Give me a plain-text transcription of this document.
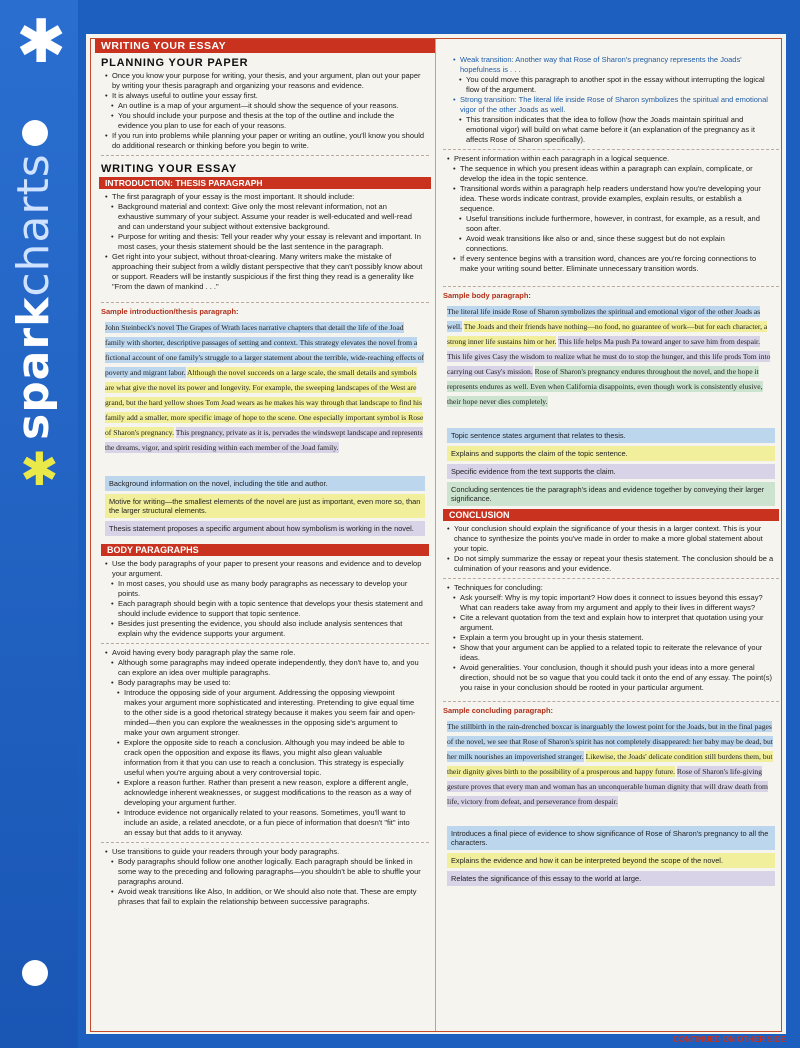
✱
sparkcharts
✱
WRITING YOUR ESSAY
PLANNING YOUR PAPER
• Once you know your purpose for writing, your thesis, and your argument, plan out your paper by writing your thesis paragraph and organizing your reasons and evidence.
• It is always useful to outline your essay first.
• An outline is a map of your argument—it should show the sequence of your reasons.
• You should include your purpose and thesis at the top of the outline and include the evidence you plan to use for each of your reasons.
• If you run into problems while planning your paper or writing an outline, you'll know you should do additional research or thinking before you begin to write.
WRITING YOUR ESSAY
INTRODUCTION: THESIS PARAGRAPH
• The first paragraph of your essay is the most important. It should include:
• Background material and context: Give only the most relevant information, not an exhaustive summary of your subject. Assume your reader is well-educated and well-read and can understand your subject without extensive background.
• Purpose for writing and thesis: Tell your reader why your essay is relevant and important. In most cases, your thesis statement should be the last sentence in the paragraph.
• Get right into your subject, without throat-clearing. Many writers make the mistake of approaching their subject from a wildly distant perspective that they can't possibly know about or support. Readers will be instantly suspicious if the first thing they read is a generality like "From the dawn of mankind . . ."
Sample introduction/thesis paragraph:
John Steinbeck's novel The Grapes of Wrath laces narrative chapters that detail the life of the Joad family with shorter, descriptive passages of setting and context. This strategy elevates the novel from a fictional account of one family's struggle to a larger statement about the terrible, wide-reaching effects of poverty and migrant labor. Although the novel succeeds on a large scale, the small details and symbols are what give the novel its power and longevity. For example, the sweeping landscapes of the West are grand, but the hard yellow shoes Tom Joad wears as he makes his way through that landscape to find his family add a smaller, more specific image of hope to the scene. One especially important symbol is Rose of Sharon's pregnancy. This pregnancy, private as it is, pervades the windswept landscape and represents the dreams, vigor, and spirit residing within each member of the Joad family.
Background information on the novel, including the title and author.
Motive for writing—the smallest elements of the novel are just as important, even more so, than the larger structural elements.
Thesis statement proposes a specific argument about how symbolism is working in the novel.
BODY PARAGRAPHS
• Use the body paragraphs of your paper to present your reasons and evidence and to develop your argument.
• In most cases, you should use as many body paragraphs as necessary to develop your points.
• Each paragraph should begin with a topic sentence that develops your thesis statement and should include evidence to support that topic sentence.
• Besides just presenting the evidence, you should also include analysis sentences that explain why the evidence supports your argument.
• Avoid having every body paragraph play the same role.
• Although some paragraphs may indeed operate independently, they don't have to, and you can explore an idea over multiple paragraphs.
• Body paragraphs may be used to:
• Introduce the opposing side of your argument. Addressing the opposing viewpoint makes your argument more sophisticated and interesting. Pretending to give equal time to the other side is a good rhetorical strategy because it makes you seem fair and open-minded—then you can explore the weaknesses in the opposing side's argument to make your own argument stronger.
• Explore the opposite side to reach a conclusion. Although you may indeed be able to crack open the opposition and expose its flaws, you might also glean valuable information from it that you can use to reach a conclusion. This strategy is especially useful when you're arguing about a very controversial topic.
• Explore a reason further. Rather than present a new reason, explore a different angle, acknowledge inherent weaknesses, or suggest modifications to the reason as a way of developing your argument further.
• Introduce evidence not organically related to your reasons. Sometimes, you'll want to include an aside, a related anecdote, or a fun piece of information that doesn't "fit" into an essay but that adds to it anyway.
• Use transitions to guide your readers through your body paragraphs.
• Body paragraphs should follow one another logically. Each paragraph should be linked in some way to the preceding and following paragraphs—you shouldn't be able to shuffle your paragraphs around.
• Avoid weak transitions like Also, In addition, or We should also note that. These are empty phrases that fail to explain the relationship between successive paragraphs.
• Weak transition: Another way that Rose of Sharon's pregnancy represents the Joads' hopefulness is . . .
• You could move this paragraph to another spot in the essay without interrupting the logical flow of the argument.
• Strong transition: The literal life inside Rose of Sharon symbolizes the spiritual and emotional vigor of the other Joads as well.
• This transition indicates that the idea to follow (how the Joads maintain spiritual and emotional vigor) will build on what came before it (an explanation of the pregnancy as it affects Rose of Sharon specifically).
• Present information within each paragraph in a logical sequence.
• The sequence in which you present ideas within a paragraph can explain, complicate, or develop the idea in the topic sentence.
• Transitional words within a paragraph help readers understand how you're developing your idea. These words indicate contrast, provide examples, explain results, or establish a sequence.
• Useful transitions include furthermore, however, in contrast, for example, as a result, and soon after.
• Avoid weak transitions like also or and, since these suggest but do not explain connections.
• If every sentence begins with a transition word, chances are you're forcing connections to make your writing sound better. Eliminate unnecessary transition words.
Sample body paragraph:
The literal life inside Rose of Sharon symbolizes the spiritual and emotional vigor of the other Joads as well. The Joads and their friends have nothing—no food, no guarantee of work—but for each character, a strong inner life sustains him or her. This life helps Ma push Pa toward anger to save him from despair. This life gives Casy the wisdom to realize what he must do to stop the hunger, and this life prods Tom into carrying out Casy's mission. Rose of Sharon's pregnancy endures throughout the novel, and the hope it represents endures as well. Even when California disappoints, even though work is consistently elusive, their hope never dies completely.
Topic sentence states argument that relates to thesis.
Explains and supports the claim of the topic sentence.
Specific evidence from the text supports the claim.
Concluding sentences tie the paragraph's ideas and evidence together by conveying their larger significance.
CONCLUSION
• Your conclusion should explain the significance of your thesis in a larger context. This is your chance to synthesize the points you've made in order to make a more global statement about your topic.
• Do not simply summarize the essay or repeat your thesis statement. The conclusion should be a culmination of your reasons and your evidence.
• Techniques for concluding:
• Ask yourself: Why is my topic important? How does it connect to issues beyond this essay? What can readers take away from my argument and apply to their lives in different ways?
• Cite a relevant quotation from the text and explain how to interpret that quotation using your argument.
• Explain a term you brought up in your thesis statement.
• Show that your argument can be applied to a related topic to reiterate the relevance of your ideas.
• Avoid generalities. Your conclusion, though it should push your ideas into a more general direction, should not be so vague that you could tack it onto the end of any essay. The point(s) you raise in your conclusion should be rooted in your particular argument.
Sample concluding paragraph:
The stillbirth in the rain-drenched boxcar is inarguably the lowest point for the Joads, but in the final pages of the novel, we see that Rose of Sharon's spirit has not completely disappeared: her baby may be dead, but her milk nourishes an impoverished stranger. Likewise, the Joads' delicate condition still burdens them, but their dignity gives birth to the possibility of a prosperous and happy future. Rose of Sharon's life-giving gesture proves that every man and woman has an unconquerable human dignity that will draw death from life, victory from defeat, and perseverance from despair.
Introduces a final piece of evidence to show significance of Rose of Sharon's pregnancy to all the characters.
Explains the evidence and how it can be interpreted beyond the scope of the novel.
Relates the significance of this essay to the world at large.
CONTINUED ON OTHER SIDE
